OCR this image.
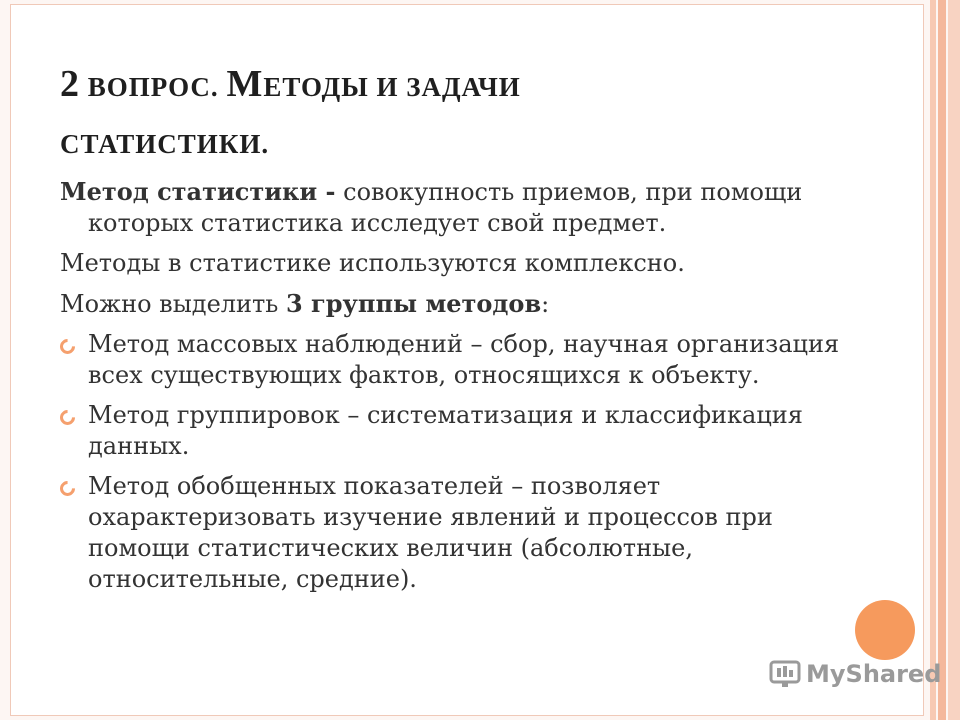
2 ВОПРОС. МЕТОДЫ И ЗАДАЧИ
СТАТИСТИКИ.

Метод статистики - совокупность приемов, при помощи которых статистика исследует свой предмет.

Методы в статистике используются комплексно.

Можно выделить 3 группы методов:

Метод массовых наблюдений – сбор, научная организация всех существующих фактов, относящихся к объекту.
Метод группировок – систематизация и классификация данных.
Метод обобщенных показателей – позволяет охарактеризовать изучение явлений и процессов при помощи статистических величин (абсолютные, относительные, средние).
MyShared
